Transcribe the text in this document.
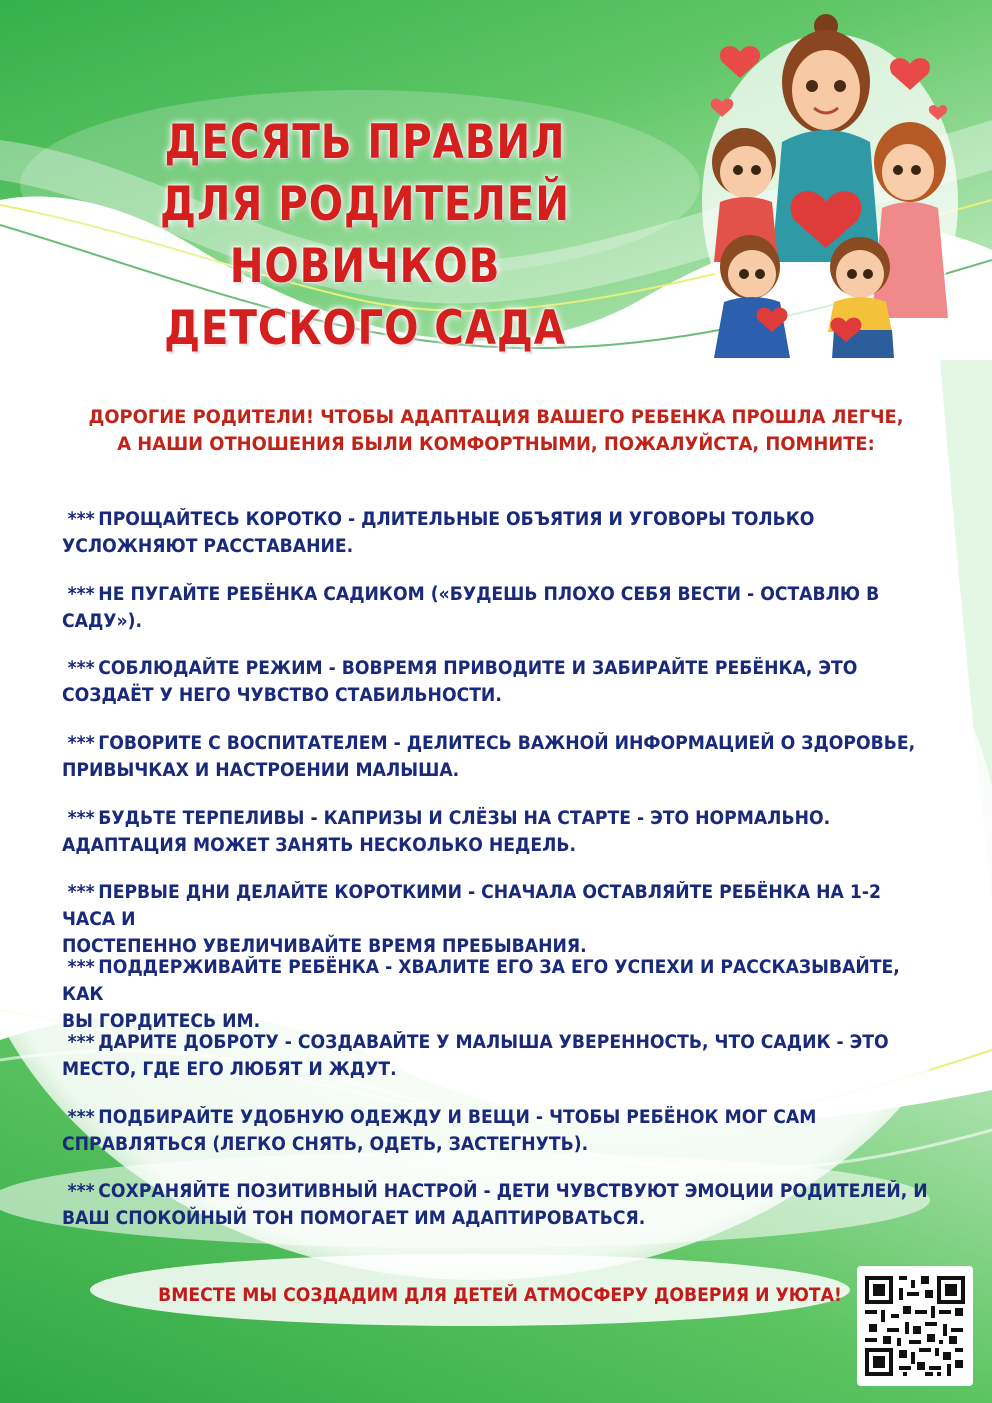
ДЕСЯТЬ ПРАВИЛ
ДЛЯ РОДИТЕЛЕЙ НОВИЧКОВ
ДЕТСКОГО САДА

ДОРОГИЕ РОДИТЕЛИ! ЧТОБЫ АДАПТАЦИЯ ВАШЕГО РЕБЕНКА ПРОШЛА ЛЕГЧЕ, А НАШИ ОТНОШЕНИЯ БЫЛИ КОМФОРТНЫМИ, ПОЖАЛУЙСТА, ПОМНИТЕ:

*** ПРОЩАЙТЕСЬ КОРОТКО - ДЛИТЕЛЬНЫЕ ОБЪЯТИЯ И УГОВОРЫ ТОЛЬКО
УСЛОЖНЯЮТ РАССТАВАНИЕ.
*** НЕ ПУГАЙТЕ РЕБЁНКА САДИКОМ («БУДЕШЬ ПЛОХО СЕБЯ ВЕСТИ - ОСТАВЛЮ В
САДУ»).
*** СОБЛЮДАЙТЕ РЕЖИМ - ВОВРЕМЯ ПРИВОДИТЕ И ЗАБИРАЙТЕ РЕБЁНКА, ЭТО
СОЗДАЁТ У НЕГО ЧУВСТВО СТАБИЛЬНОСТИ.
*** ГОВОРИТЕ С ВОСПИТАТЕЛЕМ - ДЕЛИТЕСЬ ВАЖНОЙ ИНФОРМАЦИЕЙ О ЗДОРОВЬЕ,
ПРИВЫЧКАХ И НАСТРОЕНИИ МАЛЫША.
*** БУДЬТЕ ТЕРПЕЛИВЫ - КАПРИЗЫ И СЛЁЗЫ НА СТАРТЕ - ЭТО НОРМАЛЬНО.
АДАПТАЦИЯ МОЖЕТ ЗАНЯТЬ НЕСКОЛЬКО НЕДЕЛЬ.
*** ПЕРВЫЕ ДНИ ДЕЛАЙТЕ КОРОТКИМИ - СНАЧАЛА ОСТАВЛЯЙТЕ РЕБЁНКА НА 1-2 ЧАСА И
ПОСТЕПЕННО УВЕЛИЧИВАЙТЕ ВРЕМЯ ПРЕБЫВАНИЯ.
*** ПОДДЕРЖИВАЙТЕ РЕБЁНКА - ХВАЛИТЕ ЕГО ЗА ЕГО УСПЕХИ И РАССКАЗЫВАЙТЕ, КАК
ВЫ ГОРДИТЕСЬ ИМ.
*** ДАРИТЕ ДОБРОТУ - СОЗДАВАЙТЕ У МАЛЫША УВЕРЕННОСТЬ, ЧТО САДИК - ЭТО
МЕСТО, ГДЕ ЕГО ЛЮБЯТ И ЖДУТ.
*** ПОДБИРАЙТЕ УДОБНУЮ ОДЕЖДУ И ВЕЩИ - ЧТОБЫ РЕБЁНОК МОГ САМ
СПРАВЛЯТЬСЯ (ЛЕГКО СНЯТЬ, ОДЕТЬ, ЗАСТЕГНУТЬ).
*** СОХРАНЯЙТЕ ПОЗИТИВНЫЙ НАСТРОЙ - ДЕТИ ЧУВСТВУЮТ ЭМОЦИИ РОДИТЕЛЕЙ, И
ВАШ СПОКОЙНЫЙ ТОН ПОМОГАЕТ ИМ АДАПТИРОВАТЬСЯ.

ВМЕСТЕ МЫ СОЗДАДИМ ДЛЯ ДЕТЕЙ АТМОСФЕРУ ДОВЕРИЯ И УЮТА!
